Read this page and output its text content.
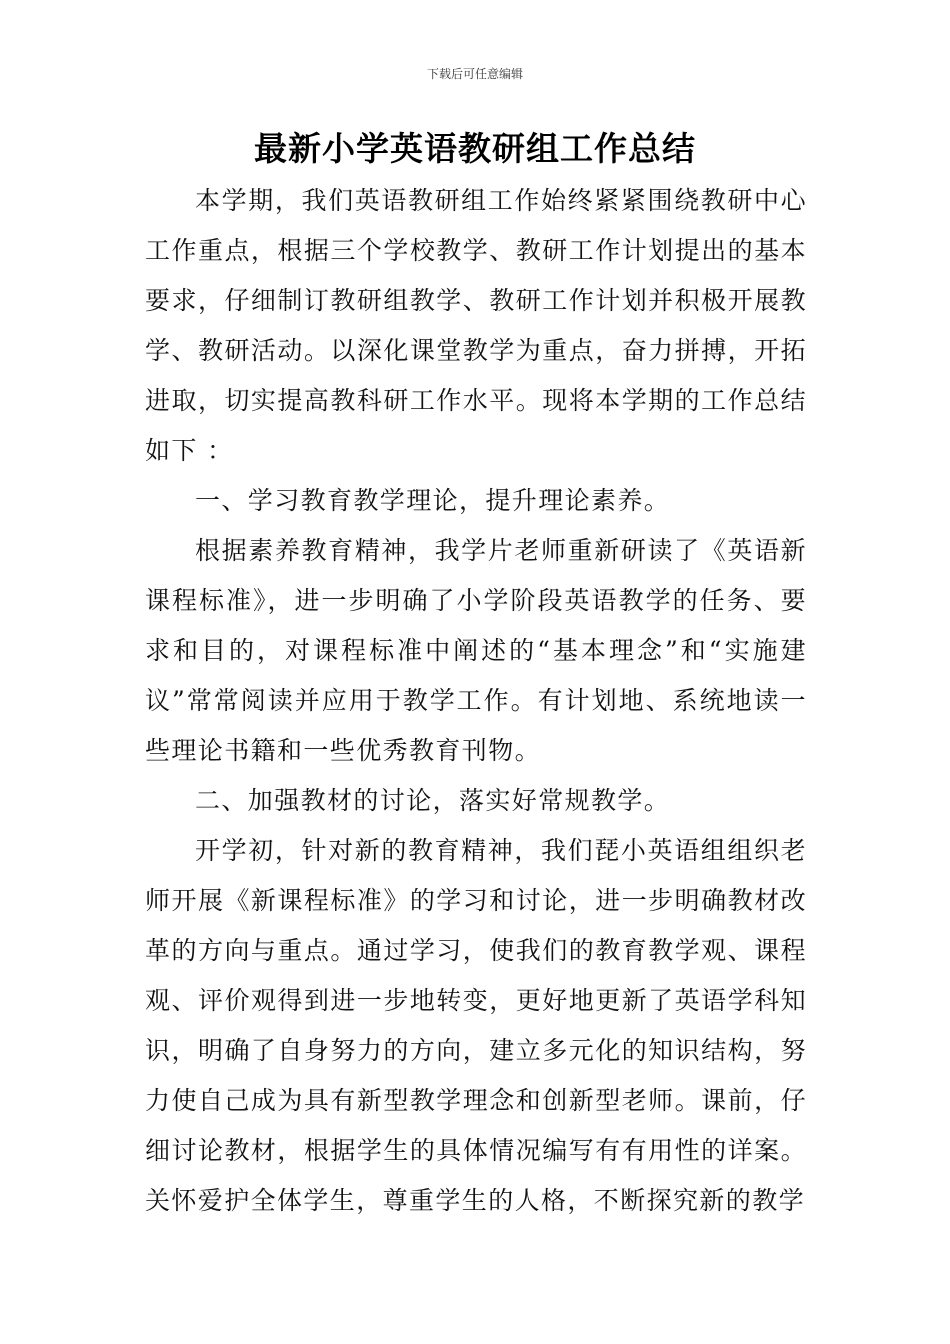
下载后可任意编辑
最新小学英语教研组工作总结

本学期，我们英语教研组工作始终紧紧围绕教研中心工作重点，根据三个学校教学、教研工作计划提出的基本要求，仔细制订教研组教学、教研工作计划并积极开展教学、教研活动。以深化课堂教学为重点，奋力拼搏，开拓进取，切实提高教科研工作水平。现将本学期的工作总结如下 ：

一、学习教育教学理论，提升理论素养。

根据素养教育精神，我学片老师重新研读了《英语新课程标准》，进一步明确了小学阶段英语教学的任务、要求和目的，对课程标准中阐述的“基本理念”和“实施建议”常常阅读并应用于教学工作。有计划地、系统地读一些理论书籍和一些优秀教育刊物。

二、加强教材的讨论，落实好常规教学。

开学初，针对新的教育精神，我们琵小英语组组织老师开展《新课程标准》的学习和讨论，进一步明确教材改革的方向与重点。通过学习，使我们的教育教学观、课程观、评价观得到进一步地转变，更好地更新了英语学科知识，明确了自身努力的方向，建立多元化的知识结构，努力使自己成为具有新型教学理念和创新型老师。课前，仔细讨论教材，根据学生的具体情况编写有有用性的详案。关怀爱护全体学生，尊重学生的人格，不断探究新的教学
